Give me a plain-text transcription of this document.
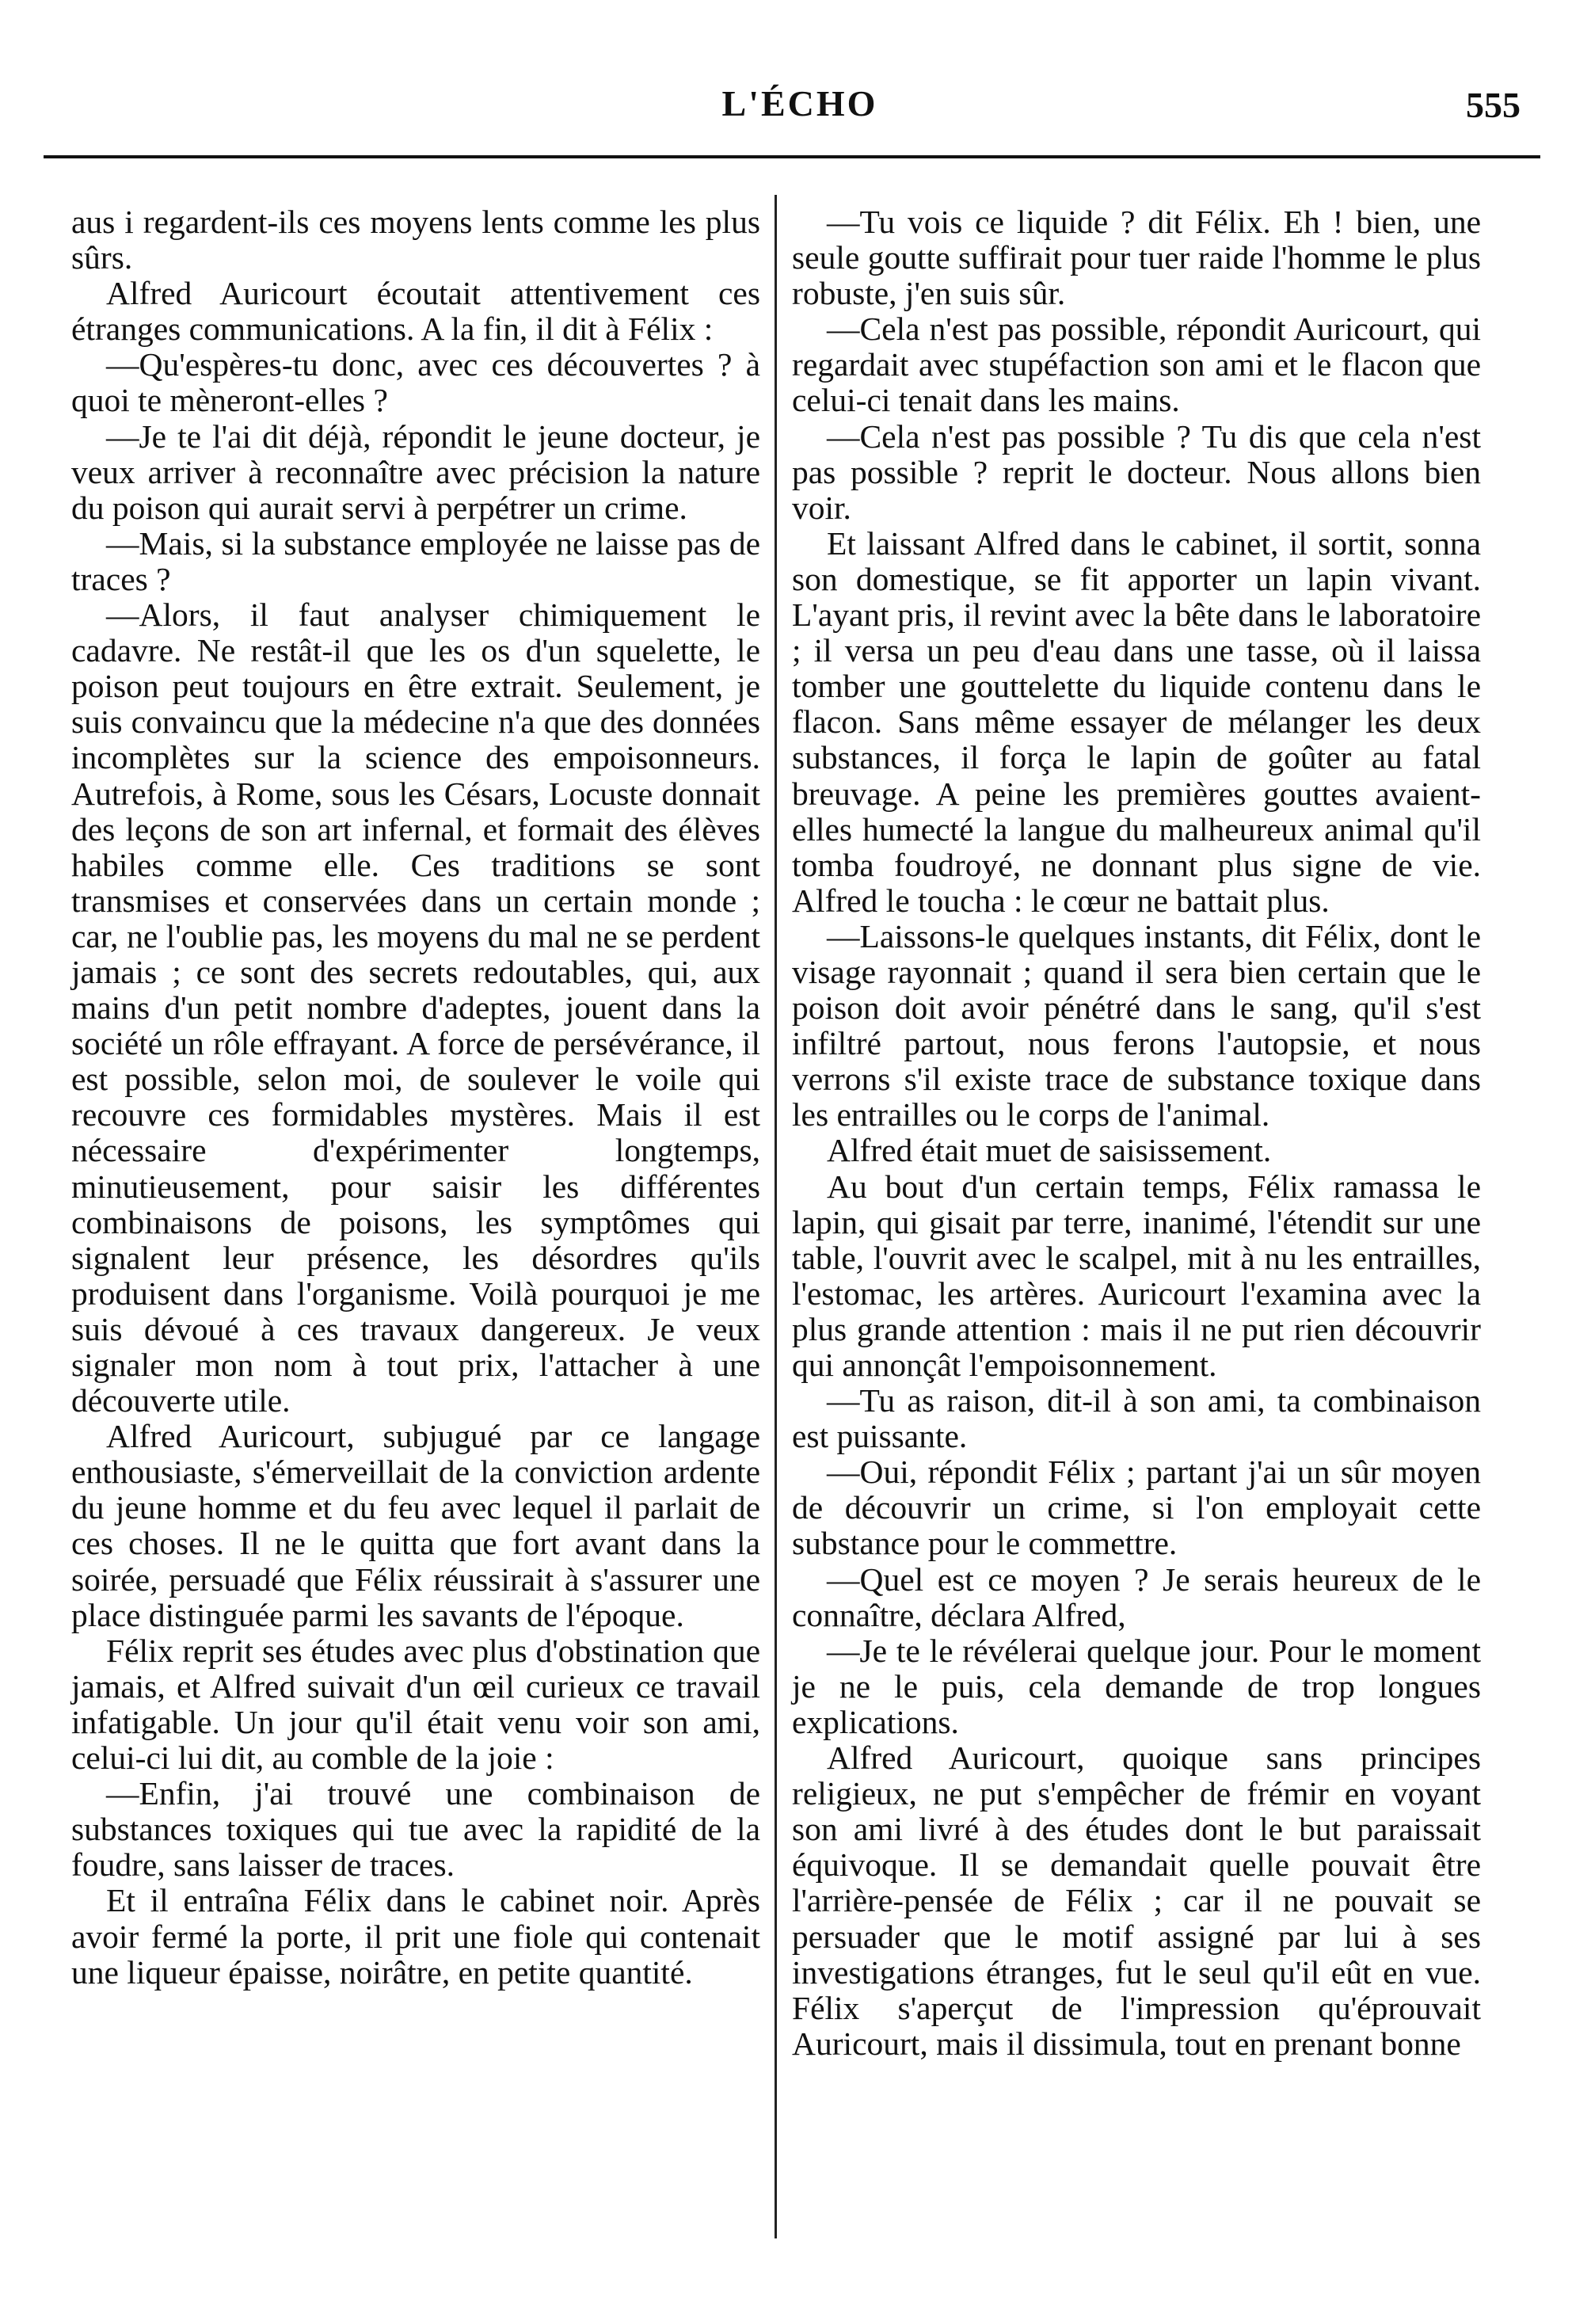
L'ÉCHO	555

aus i regardent-ils ces moyens lents comme les plus sûrs.

Alfred Auricourt écoutait attentivement ces étranges communications. A la fin, il dit à Félix :

—Qu'espères-tu donc, avec ces découvertes ? à quoi te mèneront-elles ?

—Je te l'ai dit déjà, répondit le jeune docteur, je veux arriver à reconnaître avec précision la nature du poison qui aurait servi à perpétrer un crime.

—Mais, si la substance employée ne laisse pas de traces ?

—Alors, il faut analyser chimiquement le cadavre. Ne restât-il que les os d'un squelette, le poison peut toujours en être extrait. Seulement, je suis convaincu que la médecine n'a que des données incomplètes sur la science des empoisonneurs. Autrefois, à Rome, sous les Césars, Locuste donnait des leçons de son art infernal, et formait des élèves habiles comme elle. Ces traditions se sont transmises et conservées dans un certain monde ; car, ne l'oublie pas, les moyens du mal ne se perdent jamais ; ce sont des secrets redoutables, qui, aux mains d'un petit nombre d'adeptes, jouent dans la société un rôle effrayant. A force de persévérance, il est possible, selon moi, de soulever le voile qui recouvre ces formidables mystères. Mais il est nécessaire d'expérimenter longtemps, minutieusement, pour saisir les différentes combinaisons de poisons, les symptômes qui signalent leur présence, les désordres qu'ils produisent dans l'organisme. Voilà pourquoi je me suis dévoué à ces travaux dangereux. Je veux signaler mon nom à tout prix, l'attacher à une découverte utile.

Alfred Auricourt, subjugué par ce langage enthousiaste, s'émerveillait de la conviction ardente du jeune homme et du feu avec lequel il parlait de ces choses. Il ne le quitta que fort avant dans la soirée, persuadé que Félix réussirait à s'assurer une place distinguée parmi les savants de l'époque.

Félix reprit ses études avec plus d'obstination que jamais, et Alfred suivait d'un œil curieux ce travail infatigable. Un jour qu'il était venu voir son ami, celui-ci lui dit, au comble de la joie :

—Enfin, j'ai trouvé une combinaison de substances toxiques qui tue avec la rapidité de la foudre, sans laisser de traces.

Et il entraîna Félix dans le cabinet noir. Après avoir fermé la porte, il prit une fiole qui contenait une liqueur épaisse, noirâtre, en petite quantité.

—Tu vois ce liquide ? dit Félix. Eh ! bien, une seule goutte suffirait pour tuer raide l'homme le plus robuste, j'en suis sûr.

—Cela n'est pas possible, répondit Auricourt, qui regardait avec stupéfaction son ami et le flacon que celui-ci tenait dans les mains.

—Cela n'est pas possible ? Tu dis que cela n'est pas possible ? reprit le docteur. Nous allons bien voir.

Et laissant Alfred dans le cabinet, il sortit, sonna son domestique, se fit apporter un lapin vivant. L'ayant pris, il revint avec la bête dans le laboratoire ; il versa un peu d'eau dans une tasse, où il laissa tomber une gouttelette du liquide contenu dans le flacon. Sans même essayer de mélanger les deux substances, il força le lapin de goûter au fatal breuvage. A peine les premières gouttes avaient-elles humecté la langue du malheureux animal qu'il tomba foudroyé, ne donnant plus signe de vie. Alfred le toucha : le cœur ne battait plus.

—Laissons-le quelques instants, dit Félix, dont le visage rayonnait ; quand il sera bien certain que le poison doit avoir pénétré dans le sang, qu'il s'est infiltré partout, nous ferons l'autopsie, et nous verrons s'il existe trace de substance toxique dans les entrailles ou le corps de l'animal.

Alfred était muet de saisissement.

Au bout d'un certain temps, Félix ramassa le lapin, qui gisait par terre, inanimé, l'étendit sur une table, l'ouvrit avec le scalpel, mit à nu les entrailles, l'estomac, les artères. Auricourt l'examina avec la plus grande attention : mais il ne put rien découvrir qui annonçât l'empoisonnement.

—Tu as raison, dit-il à son ami, ta combinaison est puissante.

—Oui, répondit Félix ; partant j'ai un sûr moyen de découvrir un crime, si l'on employait cette substance pour le commettre.

—Quel est ce moyen ? Je serais heureux de le connaître, déclara Alfred,

—Je te le révélerai quelque jour. Pour le moment je ne le puis, cela demande de trop longues explications.

Alfred Auricourt, quoique sans principes religieux, ne put s'empêcher de frémir en voyant son ami livré à des études dont le but paraissait équivoque. Il se demandait quelle pouvait être l'arrière-pensée de Félix ; car il ne pouvait se persuader que le motif assigné par lui à ses investigations étranges, fut le seul qu'il eût en vue. Félix s'aperçut de l'impression qu'éprouvait Auricourt, mais il dissimula, tout en prenant bonne
